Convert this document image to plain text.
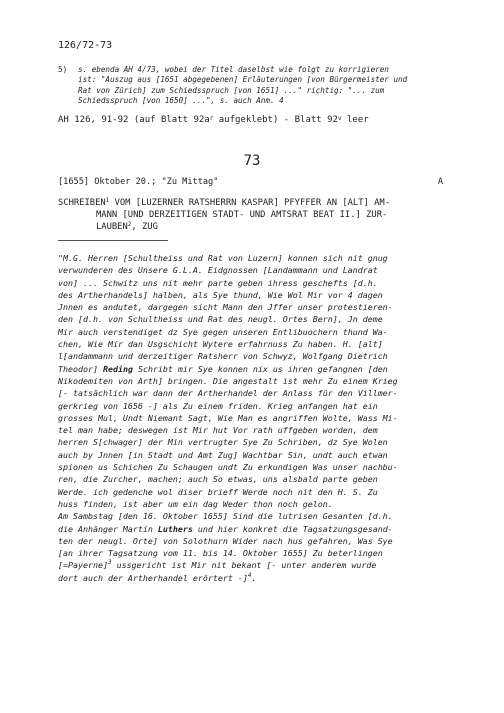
126/72-73
5)	s. ebenda AH 4/73, wobei der Titel daselbst wie folgt zu korrigieren
ist: "Auszug aus [1651 abgegebenen] Erläuterungen [von Bürgermeister und
Rat von Zürich] zum Schiedsspruch [von 1651] ..." richtig: "... zum
Schiedsspruch [von 1650] ...", s. auch Anm. 4
AH 126, 91-92 (auf Blatt $92a^r$ aufgeklebt) - Blatt 92$^v$ leer
73
[1655] Oktober 20.; "Zu Mittag"	A
SCHREIBEN$^1$ VOM [LUZERNER RATSHERRN KASPAR] PFYFFER AN [ALT] AM-
MANN [UND DERZEITIGEN STADT- UND AMTSRAT BEAT II.] ZUR-
LAUBEN$^2$, ZUG
"M.G. Herren [Schultheiss und Rat von Luzern] konnen sich nit gnug
verwunderen des Unsere G.L.A. Eidgnossen [Landammann und Landrat
von] ... Schwitz uns nit mehr parte geben ihress geschefts [d.h.
des Artherhandels] halben, als Sye thund, Wie Wol Mir vor 4 dagen
Jnnen es andutet, dargegen sicht Mann den Jffer unser protestieren-
den [d.h. von Schultheiss und Rat des neugl. Ortes Bern], Jn deme
Mir auch verstendiget dz Sye gegen unseren Entlibuochern thund Wa-
chen, Wie Mir dan Usgschicht Wytere erfahrnuss Zu haben. H. [alt]
l[andammann und derzeitiger Ratsherr von Schwyz, Wolfgang Dietrich
Theodor] Reding Schribt mir Sye konnen nix us ihren gefangnen [den
Nikodemiten von Arth] bringen. Die angestalt ist mehr Zu einem Krieg
[- tatsächlich war dann der Artherhandel der Anlass für den Villmer-
gerkrieg von 1656 -] als Zu einem friden. Krieg anfangen hat ein
grosses Mul, Undt Niemant Sagt, Wie Man es angriffen Wolte, Wass Mi-
tel man habe; deswegen ist Mir hut Vor rath uffgeben worden, dem
herren S[chwager] der Min vertrugter Sye Zu Schriben, dz Sye Wolen
auch by Jnnen [in Stadt und Amt Zug] Wachtbar Sin, undt auch etwan
spionen us Schichen Zu Schaugen undt Zu erkundigen Was unser nachbu-
ren, die Zurcher, machen; auch So etwas, uns alsbald parte geben
Werde. ich gedenche wol diser brieff Werde noch nit den H. S. Zu
huss finden, ist aber um ein dag Weder thon noch gelon.
Am Sambstag [den 16. Oktober 1655] Sind die lutrisen Gesanten [d.h.
die Anhänger Martin Luthers und hier konkret die Tagsatzungsgesand-
ten der neugl. Orte] von Solothurn Wider nach hus gefahren, Was Sye
[an ihrer Tagsatzung vom 11. bis 14. Oktober 1655] Zu beterlingen
[=Payerne]$^3$ ussgericht ist Mir nit bekant [- unter anderem wurde
dort auch der Artherhandel erörtert -]$^4$.
